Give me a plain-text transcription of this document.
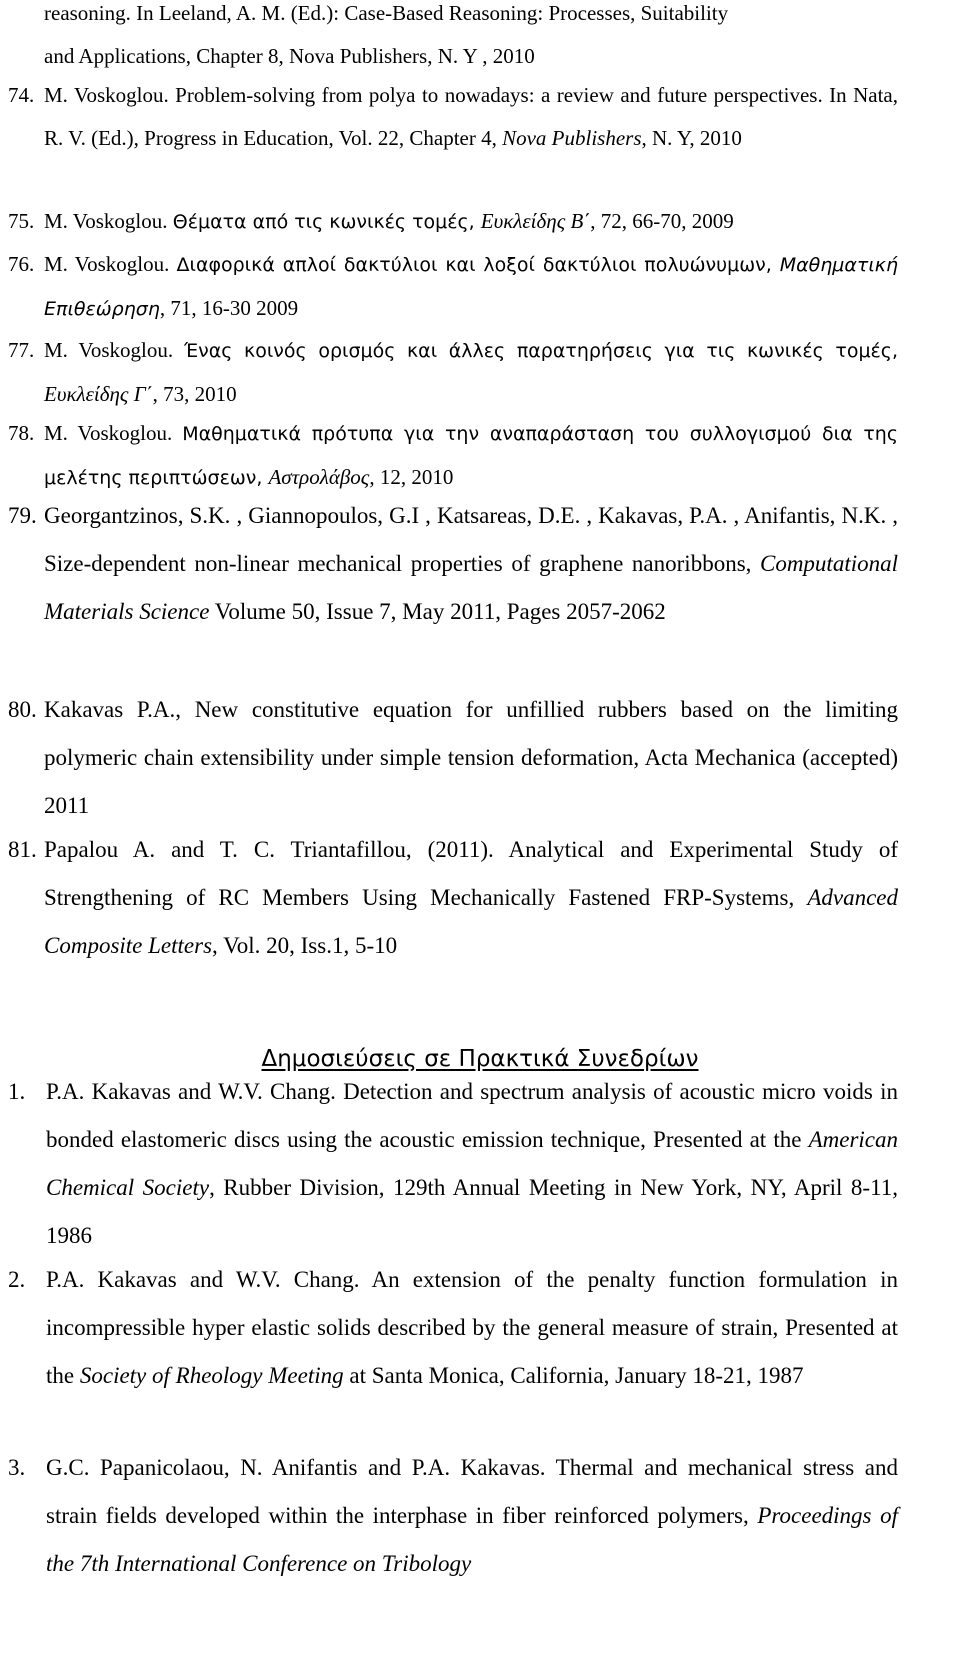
reasoning. In Leeland, A. M. (Ed.): Case-Based Reasoning: Processes, Suitability
and Applications, Chapter 8, Nova Publishers, N. Y , 2010
74. M. Voskoglou. Problem-solving from polya to nowadays: a review and future perspectives. In Nata, R. V. (Ed.), Progress in Education, Vol. 22, Chapter 4, Nova Publishers, N. Y, 2010
75. M. Voskoglou. Θέματα από τις κωνικές τομές, Ευκλείδης Β΄, 72, 66-70, 2009
76. M. Voskoglou. Διαφορικά απλοί δακτύλιοι και λοξοί δακτύλιοι πολυώνυμων, Μαθηματική Επιθεώρηση, 71, 16-30 2009
77. M. Voskoglou. Ένας κοινός ορισμός και άλλες παρατηρήσεις για τις κωνικές τομές, Ευκλείδης Γ΄, 73, 2010
78. M. Voskoglou. Μαθηματικά πρότυπα για την αναπαράσταση του συλλογισμού δια της μελέτης περιπτώσεων, Αστρολάβος, 12, 2010
79. Georgantzinos, S.K. , Giannopoulos, G.I , Katsareas, D.E. , Kakavas, P.A. , Anifantis, N.K. , Size-dependent non-linear mechanical properties of graphene nanoribbons, Computational Materials Science Volume 50, Issue 7, May 2011, Pages 2057-2062
80. Kakavas P.A., New constitutive equation for unfillied rubbers based on the limiting polymeric chain extensibility under simple tension deformation, Acta Mechanica (accepted) 2011
81. Papalou A. and T. C. Triantafillou, (2011). Analytical and Experimental Study of Strengthening of RC Members Using Mechanically Fastened FRP-Systems, Advanced Composite Letters, Vol. 20, Iss.1, 5-10
Δημοσιεύσεις σε Πρακτικά Συνεδρίων
1. P.A. Kakavas and W.V. Chang. Detection and spectrum analysis of acoustic micro voids in bonded elastomeric discs using the acoustic emission technique, Presented at the American Chemical Society, Rubber Division, 129th Annual Meeting in New York, NY, April 8-11, 1986
2. P.A. Kakavas and W.V. Chang. An extension of the penalty function formulation in incompressible hyper elastic solids described by the general measure of strain, Presented at the Society of Rheology Meeting at Santa Monica, California, January 18-21, 1987
3. G.C. Papanicolaou, N. Anifantis and P.A. Kakavas. Thermal and mechanical stress and strain fields developed within the interphase in fiber reinforced polymers, Proceedings of the 7th International Conference on Tribology
